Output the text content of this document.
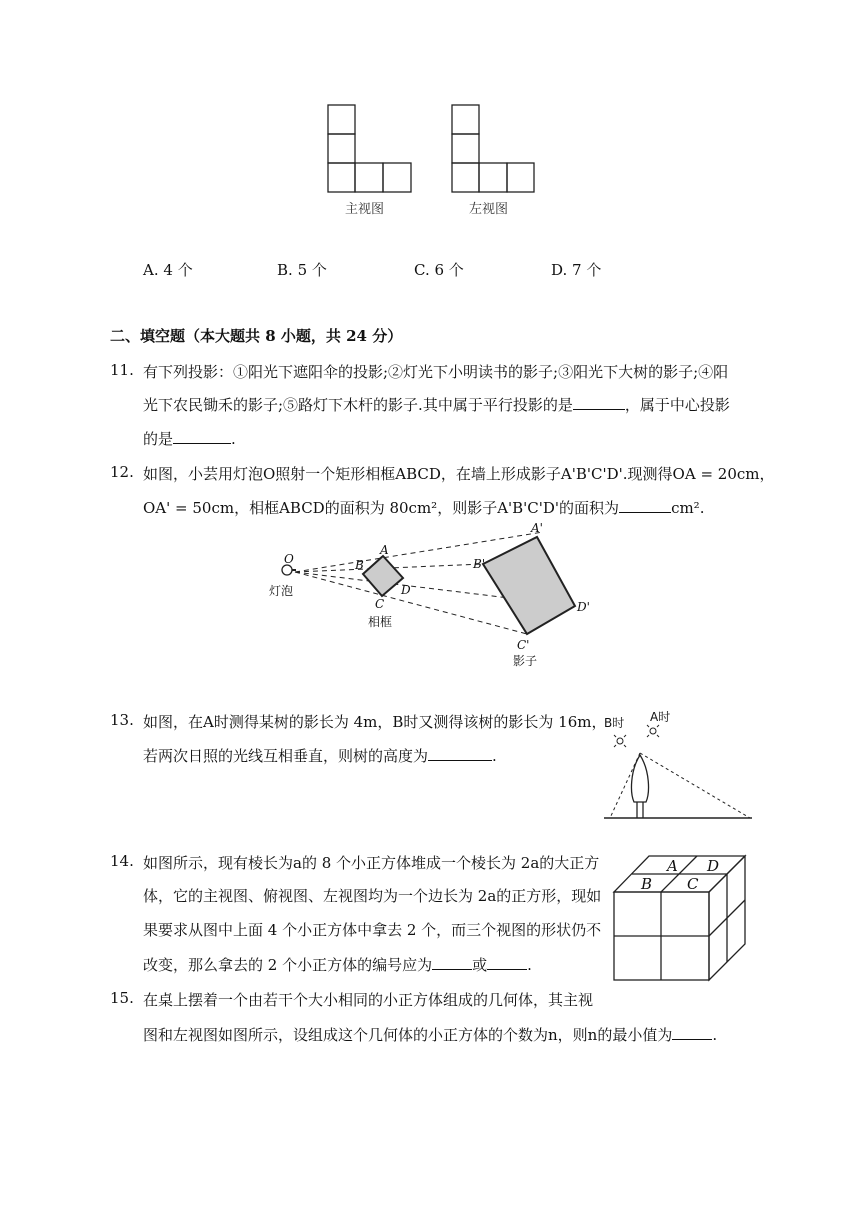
主视图	左视图
A. 4 个	B. 5 个	C. 6 个	D. 7 个
二、填空题（本大题共 8 小题，共 24 分）
11. 有下列投影：①阳光下遮阳伞的投影;②灯光下小明读书的影子;③阳光下大树的影子;④阳
光下农民锄禾的影子;⑤路灯下木杆的影子.其中属于平行投影的是	，属于中心投影
的是	.
12. 如图，小芸用灯泡O照射一个矩形相框ABCD，在墙上形成影子A'B'C'D'.现测得OA = 20cm，
OA' = 50cm，相框ABCD的面积为 80cm²，则影子A'B'C'D'的面积为	cm².
O
灯泡
A
B
C
D
相框
A'
B'
C'
D'
影子
13. 如图，在A时测得某树的影长为 4m，B时又测得该树的影长为 16m，
若两次日照的光线互相垂直，则树的高度为	.
B时 A时
14. 如图所示，现有棱长为a的 8 个小正方体堆成一个棱长为 2a的大正方
体，它的主视图、俯视图、左视图均为一个边长为 2a的正方形，现如
果要求从图中上面 4 个小正方体中拿去 2 个，而三个视图的形状仍不
改变，那么拿去的 2 个小正方体的编号应为	或	.
A D
B C
15. 在桌上摆着一个由若干个大小相同的小正方体组成的几何体，其主视
图和左视图如图所示，设组成这个几何体的小正方体的个数为n，则n的最小值为	.
